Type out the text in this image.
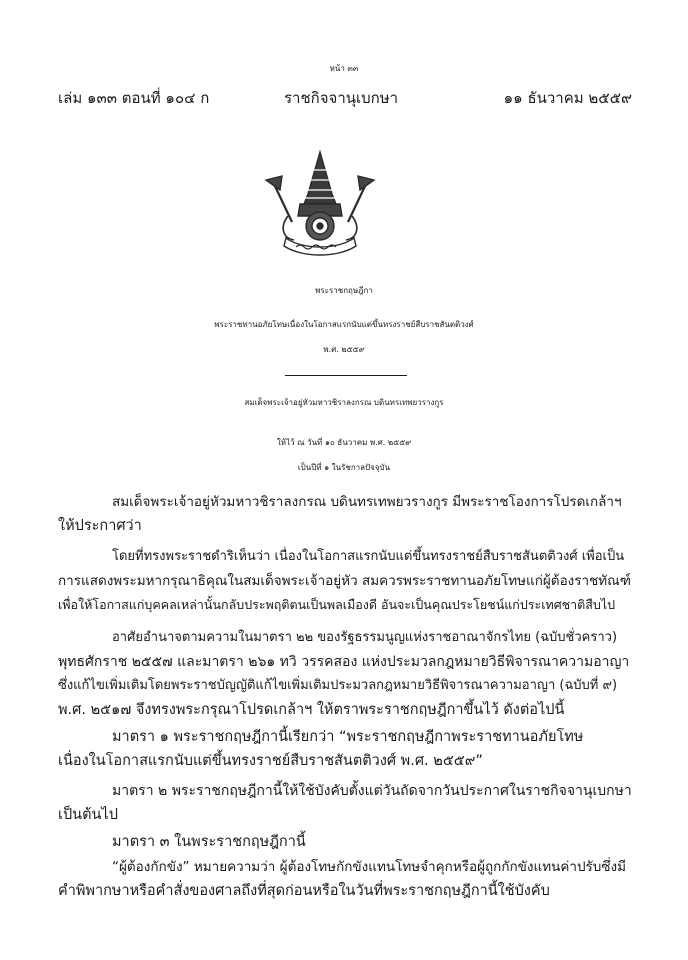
หน้า ๓๓
เล่ม ๑๓๓ ตอนที่ ๑๐๔ ก	ราชกิจจานุเบกษา	๑๑ ธันวาคม ๒๕๕๙
พระราชกฤษฎีกา
พระราชทานอภัยโทษเนื่องในโอกาสแรกนับแต่ขึ้นทรงราชย์สืบราชสันตติวงศ์
พ.ศ. ๒๕๕๙
สมเด็จพระเจ้าอยู่หัวมหาวชิราลงกรณ บดินทรเทพยวรางกูร
ให้ไว้ ณ วันที่ ๑๐ ธันวาคม พ.ศ. ๒๕๕๙
เป็นปีที่ ๑ ในรัชกาลปัจจุบัน
สมเด็จพระเจ้าอยู่หัวมหาวชิราลงกรณ บดินทรเทพยวรางกูร มีพระราชโองการโปรดเกล้าฯ
ให้ประกาศว่า
โดยที่ทรงพระราชดำริเห็นว่า เนื่องในโอกาสแรกนับแต่ขึ้นทรงราชย์สืบราชสันตติวงศ์ เพื่อเป็น
การแสดงพระมหากรุณาธิคุณในสมเด็จพระเจ้าอยู่หัว สมควรพระราชทานอภัยโทษแก่ผู้ต้องราชทัณฑ์
เพื่อให้โอกาสแก่บุคคลเหล่านั้นกลับประพฤติตนเป็นพลเมืองดี อันจะเป็นคุณประโยชน์แก่ประเทศชาติสืบไป
อาศัยอำนาจตามความในมาตรา ๒๒ ของรัฐธรรมนูญแห่งราชอาณาจักรไทย (ฉบับชั่วคราว)
พุทธศักราช ๒๕๕๗ และมาตรา ๒๖๑ ทวิ วรรคสอง แห่งประมวลกฎหมายวิธีพิจารณาความอาญา
ซึ่งแก้ไขเพิ่มเติมโดยพระราชบัญญัติแก้ไขเพิ่มเติมประมวลกฎหมายวิธีพิจารณาความอาญา (ฉบับที่ ๙)
พ.ศ. ๒๕๑๗ จึงทรงพระกรุณาโปรดเกล้าฯ ให้ตราพระราชกฤษฎีกาขึ้นไว้ ดังต่อไปนี้
มาตรา ๑ พระราชกฤษฎีกานี้เรียกว่า “พระราชกฤษฎีกาพระราชทานอภัยโทษ
เนื่องในโอกาสแรกนับแต่ขึ้นทรงราชย์สืบราชสันตติวงศ์ พ.ศ. ๒๕๕๙”
มาตรา ๒ พระราชกฤษฎีกานี้ให้ใช้บังคับตั้งแต่วันถัดจากวันประกาศในราชกิจจานุเบกษา
เป็นต้นไป
มาตรา ๓ ในพระราชกฤษฎีกานี้
“ผู้ต้องกักขัง” หมายความว่า ผู้ต้องโทษกักขังแทนโทษจำคุกหรือผู้ถูกกักขังแทนค่าปรับซึ่งมี
คำพิพากษาหรือคำสั่งของศาลถึงที่สุดก่อนหรือในวันที่พระราชกฤษฎีกานี้ใช้บังคับ
